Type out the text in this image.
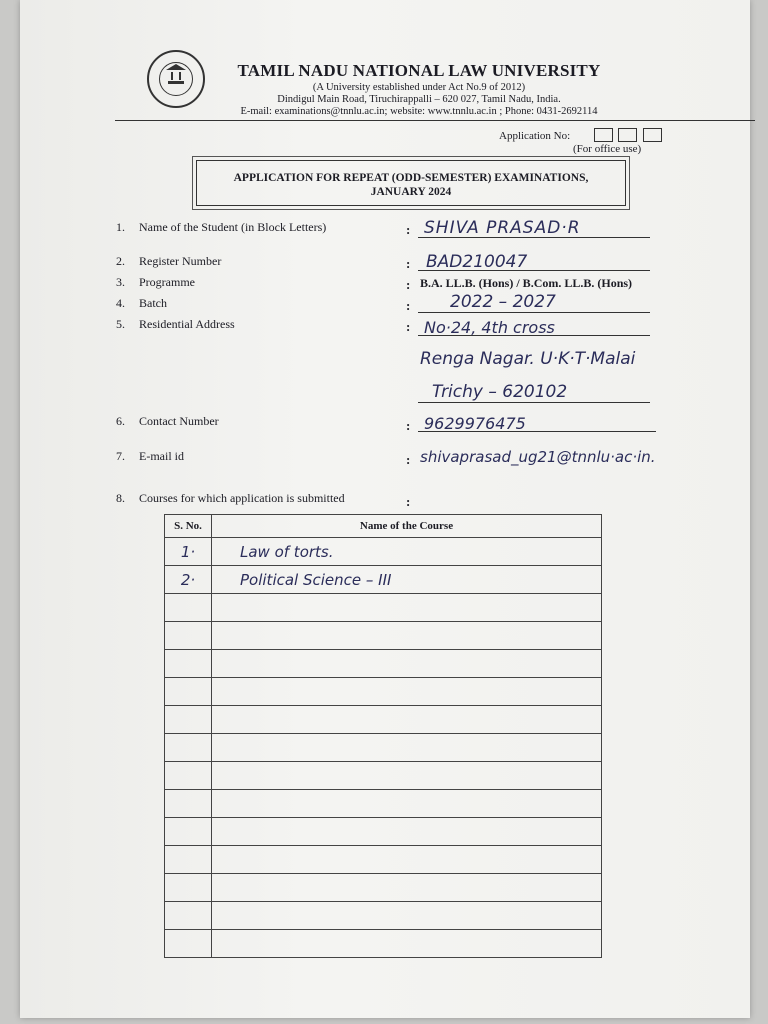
TAMIL NADU NATIONAL LAW UNIVERSITY
(A University established under Act No.9 of 2012)
Dindigul Main Road, Tiruchirappalli – 620 027, Tamil Nadu, India.
E-mail: examinations@tnnlu.ac.in; website: www.tnnlu.ac.in ; Phone: 0431-2692114
Application No:
(For office use)
APPLICATION FOR REPEAT (ODD-SEMESTER) EXAMINATIONS,
JANUARY 2024
1. Name of the Student (in Block Letters)	: SHIVA PRASAD·R
2. Register Number	: BAD210047
3. Programme	: B.A. LL.B. (Hons) / B.Com. LL.B. (Hons)
4. Batch	: 2022 – 2027
5. Residential Address	: No·24, 4th cross
Renga Nagar. U·K·T·Malai
Trichy – 620102
6. Contact Number	: 9629976475
7. E-mail id	: shivaprasad_ug21@tnnlu·ac·in.
8. Courses for which application is submitted	:
S. No.	Name of the Course
1·	Law of torts.
2·	Political Science – III
